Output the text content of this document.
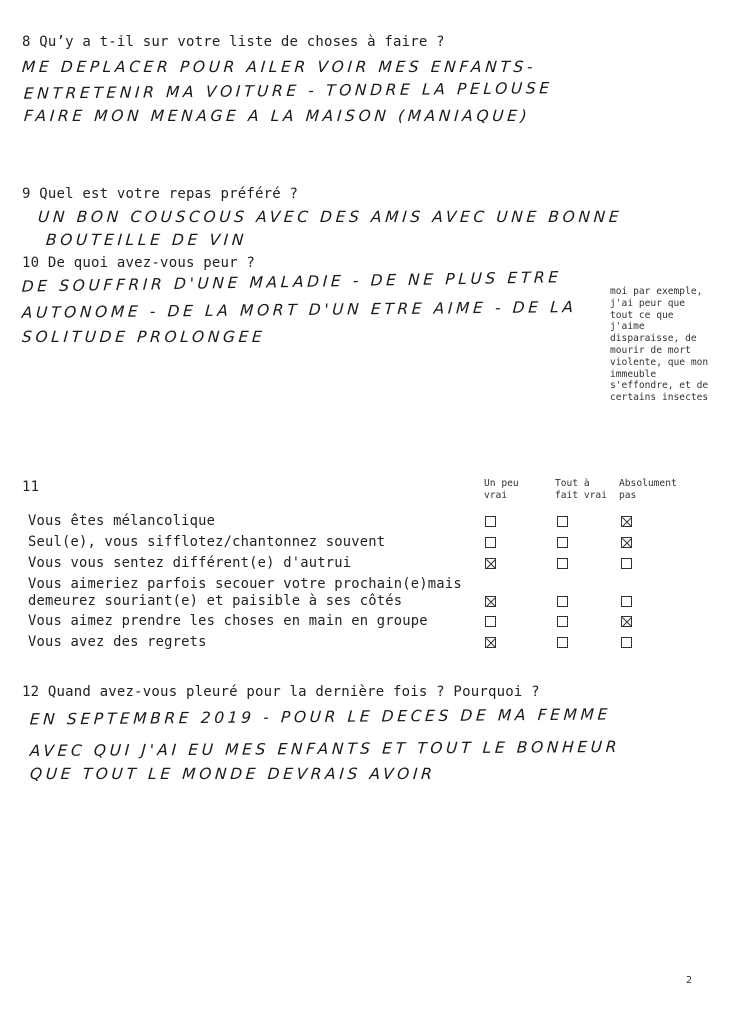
8 Qu’y a t-il sur votre liste de choses à faire ?
ME DEPLACER POUR AILER VOIR MES ENFANTS-
ENTRETENIR MA VOITURE - TONDRE LA PELOUSE
FAIRE MON MENAGE A LA MAISON (MANIAQUE)
9 Quel est votre repas préféré ?
UN BON COUSCOUS AVEC DES AMIS AVEC UNE BONNE
BOUTEILLE DE VIN
10 De quoi avez-vous peur ?
DE SOUFFRIR D'UNE MALADIE - DE NE PLUS ETRE
AUTONOME - DE LA MORT D'UN ETRE AIME - DE LA
SOLITUDE PROLONGEE
moi par exemple, j'ai peur que tout ce que j'aime disparaisse, de mourir de mort violente, que mon immeuble s'effondre, et de certains insectes
11	Un peu vrai
Tout à fait vrai
Absolument pas
Vous êtes mélancolique
Seul(e), vous sifflotez/chantonnez souvent
Vous vous sentez différent(e) d'autrui
Vous aimeriez parfois secouer votre prochain(e)mais demeurez souriant(e) et paisible à ses côtés
Vous aimez prendre les choses en main en groupe
Vous avez des regrets
12 Quand avez-vous pleuré pour la dernière fois ? Pourquoi ?
EN SEPTEMBRE 2019 - POUR LE DECES DE MA FEMME
AVEC QUI J'AI EU MES ENFANTS ET TOUT LE BONHEUR
QUE TOUT LE MONDE DEVRAIS AVOIR
2
